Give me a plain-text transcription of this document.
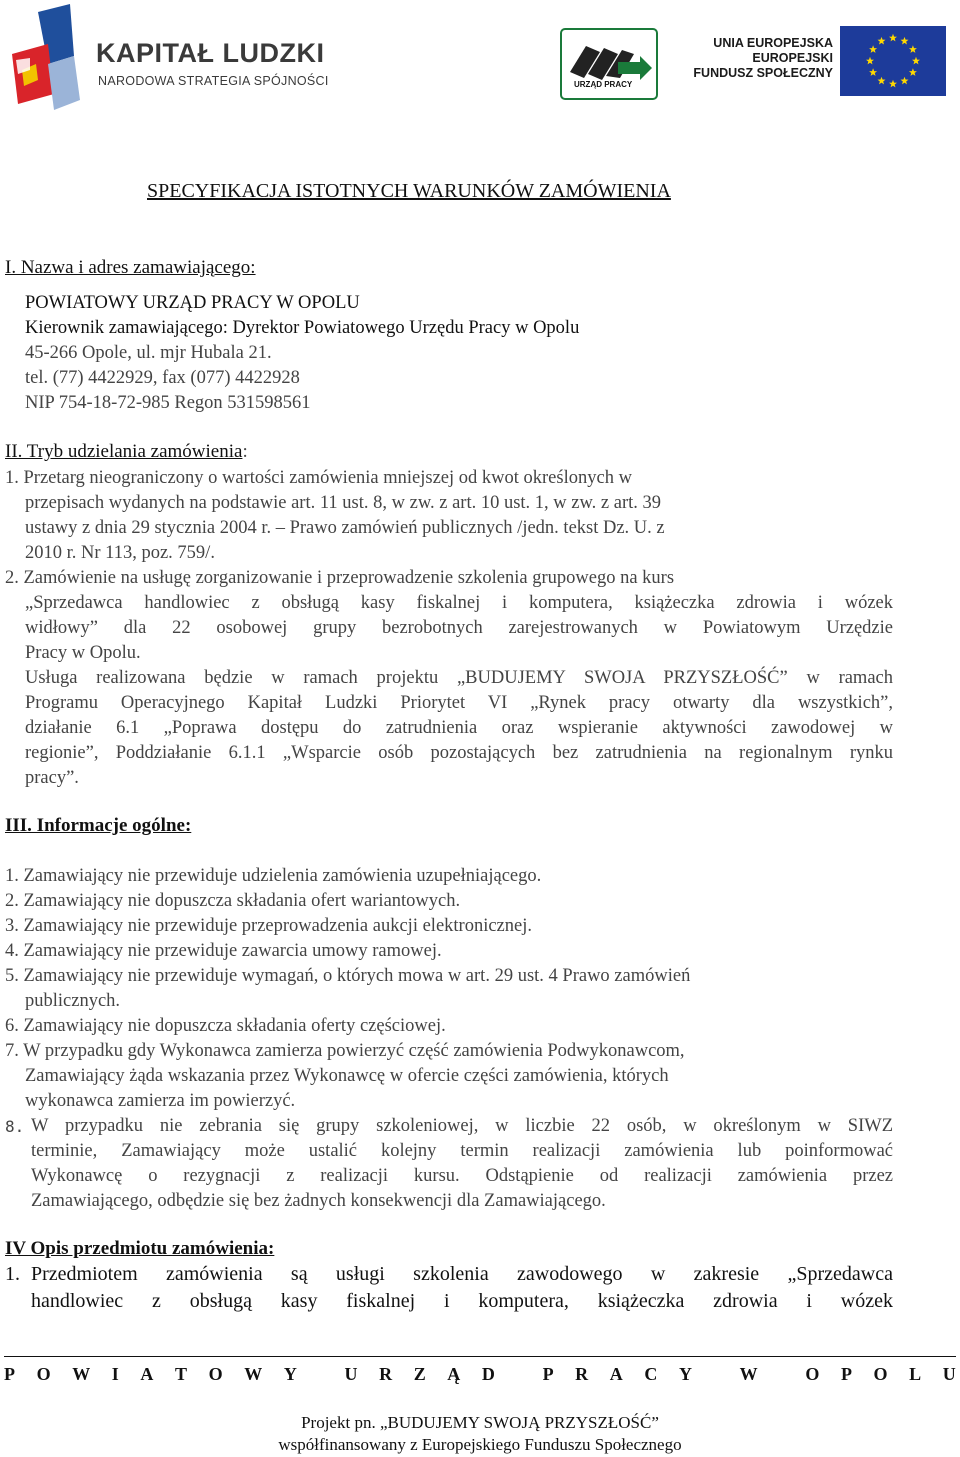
KAPITAŁ LUDZKI
NARODOWA STRATEGIA SPÓJNOŚCI	URZĄD PRACY
UNIA EUROPEJSKA
EUROPEJSKI
FUNDUSZ SPOŁECZNY
SPECYFIKACJA ISTOTNYCH WARUNKÓW ZAMÓWIENIA
I. Nazwa i adres zamawiającego:
POWIATOWY URZĄD PRACY W OPOLU
Kierownik zamawiającego: Dyrektor Powiatowego Urzędu Pracy w Opolu
45-266 Opole, ul. mjr Hubala 21.
tel. (77) 4422929, fax (077) 4422928
NIP 754-18-72-985 Regon 531598561
II. Tryb udzielania zamówienia:
1. Przetarg nieograniczony o wartości zamówienia mniejszej od kwot określonych w
przepisach wydanych na podstawie art. 11 ust. 8, w zw. z art. 10 ust. 1, w zw. z art. 39
ustawy z dnia 29 stycznia 2004 r. – Prawo zamówień publicznych /jedn. tekst Dz. U. z
2010 r. Nr 113, poz. 759/.
2. Zamówienie na usługę zorganizowanie i przeprowadzenie szkolenia grupowego na kurs
„Sprzedawca handlowiec z obsługą kasy fiskalnej i komputera, książeczka zdrowia i wózek
widłowy” dla 22 osobowej grupy bezrobotnych zarejestrowanych w Powiatowym Urzędzie
Pracy w Opolu.
Usługa realizowana będzie w ramach projektu „BUDUJEMY SWOJA PRZYSZŁOŚĆ” w ramach
Programu Operacyjnego Kapitał Ludzki Priorytet VI „Rynek pracy otwarty dla wszystkich”,
działanie 6.1 „Poprawa dostępu do zatrudnienia oraz wspieranie aktywności zawodowej w
regionie”, Poddziałanie 6.1.1 „Wsparcie osób pozostających bez zatrudnienia na regionalnym rynku
pracy”.
III. Informacje ogólne:
1. Zamawiający nie przewiduje udzielenia zamówienia uzupełniającego.
2. Zamawiający nie dopuszcza składania ofert wariantowych.
3. Zamawiający nie przewiduje przeprowadzenia aukcji elektronicznej.
4. Zamawiający nie przewiduje zawarcia umowy ramowej.
5. Zamawiający nie przewiduje wymagań, o których mowa w art. 29 ust. 4 Prawo zamówień
publicznych.
6. Zamawiający nie dopuszcza składania oferty częściowej.
7. W przypadku gdy Wykonawca zamierza powierzyć część zamówienia Podwykonawcom,
Zamawiający żąda wskazania przez Wykonawcę w ofercie części zamówienia, których
wykonawca zamierza im powierzyć.
8. W przypadku nie zebrania się grupy szkoleniowej, w liczbie 22 osób, w określonym w SIWZ
terminie, Zamawiający może ustalić kolejny termin realizacji zamówienia lub poinformować
Wykonawcę o rezygnacji z realizacji kursu. Odstąpienie od realizacji zamówienia przez
Zamawiającego, odbędzie się bez żadnych konsekwencji dla Zamawiającego.
IV Opis przedmiotu zamówienia:
1. Przedmiotem zamówienia są usługi szkolenia zawodowego w zakresie „Sprzedawca
handlowiec z obsługą kasy fiskalnej i komputera, książeczka zdrowia i wózek
P O W I A T O W Y
	U R Z Ą D
	P R A C Y
	W
	O P O L U
Projekt pn. „BUDUJEMY SWOJĄ PRZYSZŁOŚĆ”
współfinansowany z Europejskiego Funduszu Społecznego
